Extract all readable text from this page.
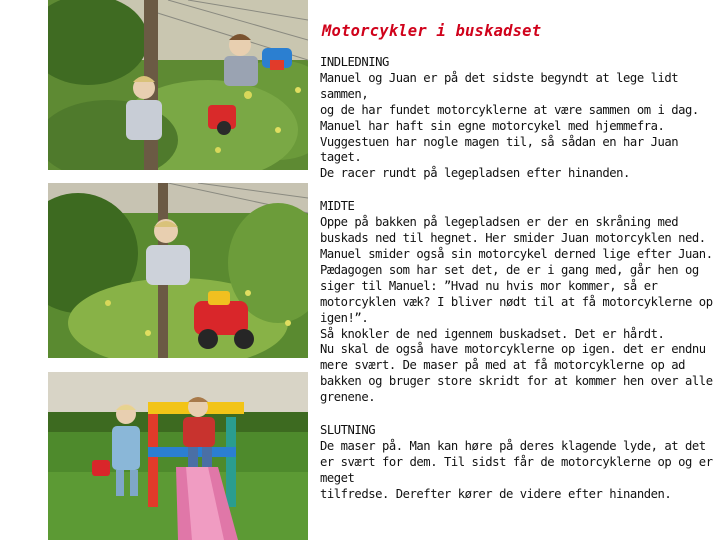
Motorcykler i buskadset

INDLEDNING

Manuel og Juan er på det sidste begyndt at lege lidt sammen,

og de har fundet motorcyklerne at være sammen om i dag.

Manuel har haft sin egne motorcykel med hjemmefra.

Vuggestuen har nogle magen til, så sådan en har Juan taget.

De racer rundt på legepladsen efter hinanden.

MIDTE

Oppe på bakken på legepladsen er der en skråning med buskads ned til hegnet. Her smider Juan motorcyklen ned.

Manuel smider også sin motorcykel derned lige efter Juan.

Pædagogen som har set det, de er i gang med, går hen og siger til Manuel: ”Hvad nu hvis mor kommer, så er motorcyklen væk? I bliver nødt til at få motorcyklerne op igen!”.

Så knokler de ned igennem buskadset. Det er hårdt.

Nu skal de også have motorcyklerne op igen. det er endnu mere svært. De maser på med at få motorcyklerne op ad bakken og bruger store skridt for at kommer hen over alle grenene.

SLUTNING

De maser på. Man kan høre på deres klagende lyde, at det er svært for dem. Til sidst får de motorcyklerne op og er meget

tilfredse. Derefter kører de videre efter hinanden.
